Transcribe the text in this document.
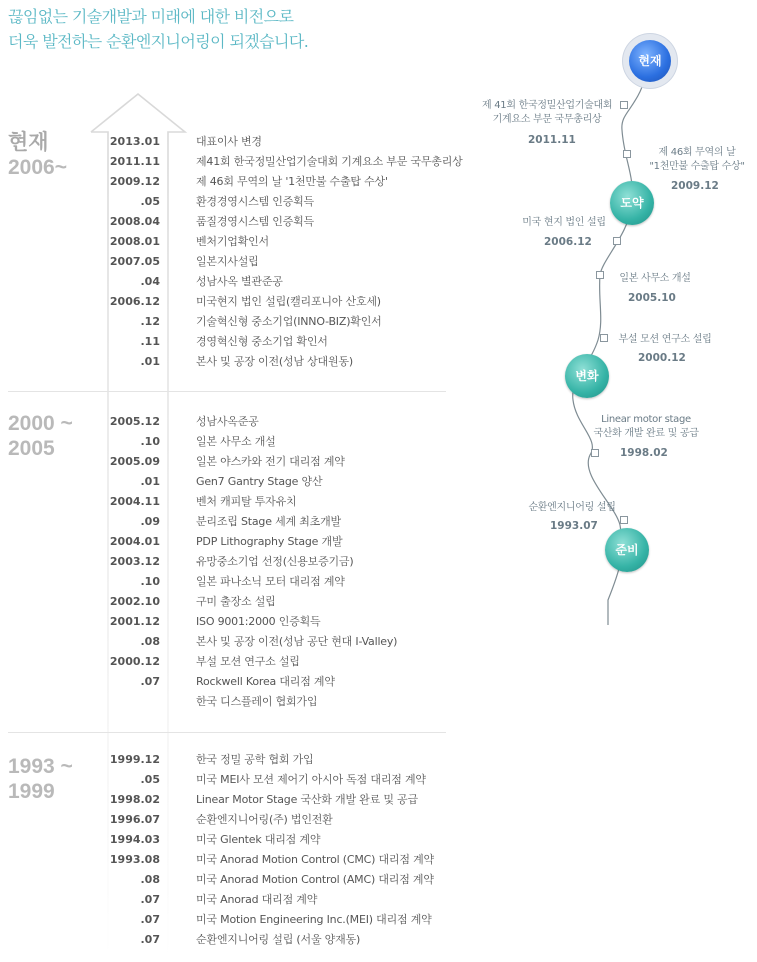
끊임없는 기술개발과 미래에 대한 비전으로
더욱 발전하는 순환엔지니어링이 되겠습니다.
현재
2006~
2000 ~
2005
1993 ~
1999
2013.01	대표이사 변경
2011.11	제41회 한국정밀산업기술대회 기계요소 부문 국무총리상
2009.12	제 46회 무역의 날 '1천만불 수출탑 수상'
.05	환경경영시스템 인증획득
2008.04	품질경영시스템 인증획득
2008.01	벤처기업확인서
2007.05	일본지사설립
.04	성남사옥 별관준공
2006.12	미국현지 법인 설립(캘리포니아 산호세)
.12	기술혁신형 중소기업(INNO-BIZ)확인서
.11	경영혁신형 중소기업 확인서
.01	본사 및 공장 이전(성남 상대원동)
2005.12	성남사옥준공
.10	일본 사무소 개설
2005.09	일본 야스카와 전기 대리점 계약
.01	Gen7 Gantry Stage 양산
2004.11	벤처 캐피탈 투자유치
.09	분리조립 Stage 세계 최초개발
2004.01	PDP Lithography Stage 개발
2003.12	유망중소기업 선정(신용보증기금)
.10	일본 파나소닉 모터 대리점 계약
2002.10	구미 출장소 설립
2001.12	ISO 9001:2000 인증획득
.08	본사 및 공장 이전(성남 공단 현대 I-Valley)
2000.12	부설 모션 연구소 설립
.07	Rockwell Korea 대리점 계약
한국 디스플레이 협회가입
1999.12	한국 정밀 공학 협회 가입
.05	미국 MEI사 모션 제어기 아시아 독점 대리점 계약
1998.02	Linear Motor Stage 국산화 개발 완료 및 공급
1996.07	순환엔지니어링(주) 법인전환
1994.03	미국 Glentek 대리점 계약
1993.08	미국 Anorad Motion Control (CMC) 대리점 계약
.08	미국 Anorad Motion Control (AMC) 대리점 계약
.07	미국 Anorad 대리점 계약
.07	미국 Motion Engineering Inc.(MEI) 대리점 계약
.07	순환엔지니어링 설립 (서울 양재동)
현재
도약
변화
준비
제 41회 한국정밀산업기술대회
기계요소 부문 국무총리상
2011.11
제 46회 무역의 날
"1천만불 수출탑 수상"
2009.12
미국 현지 법인 설립
2006.12
일본 사무소 개설
2005.10
부설 모션 연구소 설립
2000.12
Linear motor stage
국산화 개발 완료 및 공급
1998.02
순환엔지니어링 설립
1993.07
